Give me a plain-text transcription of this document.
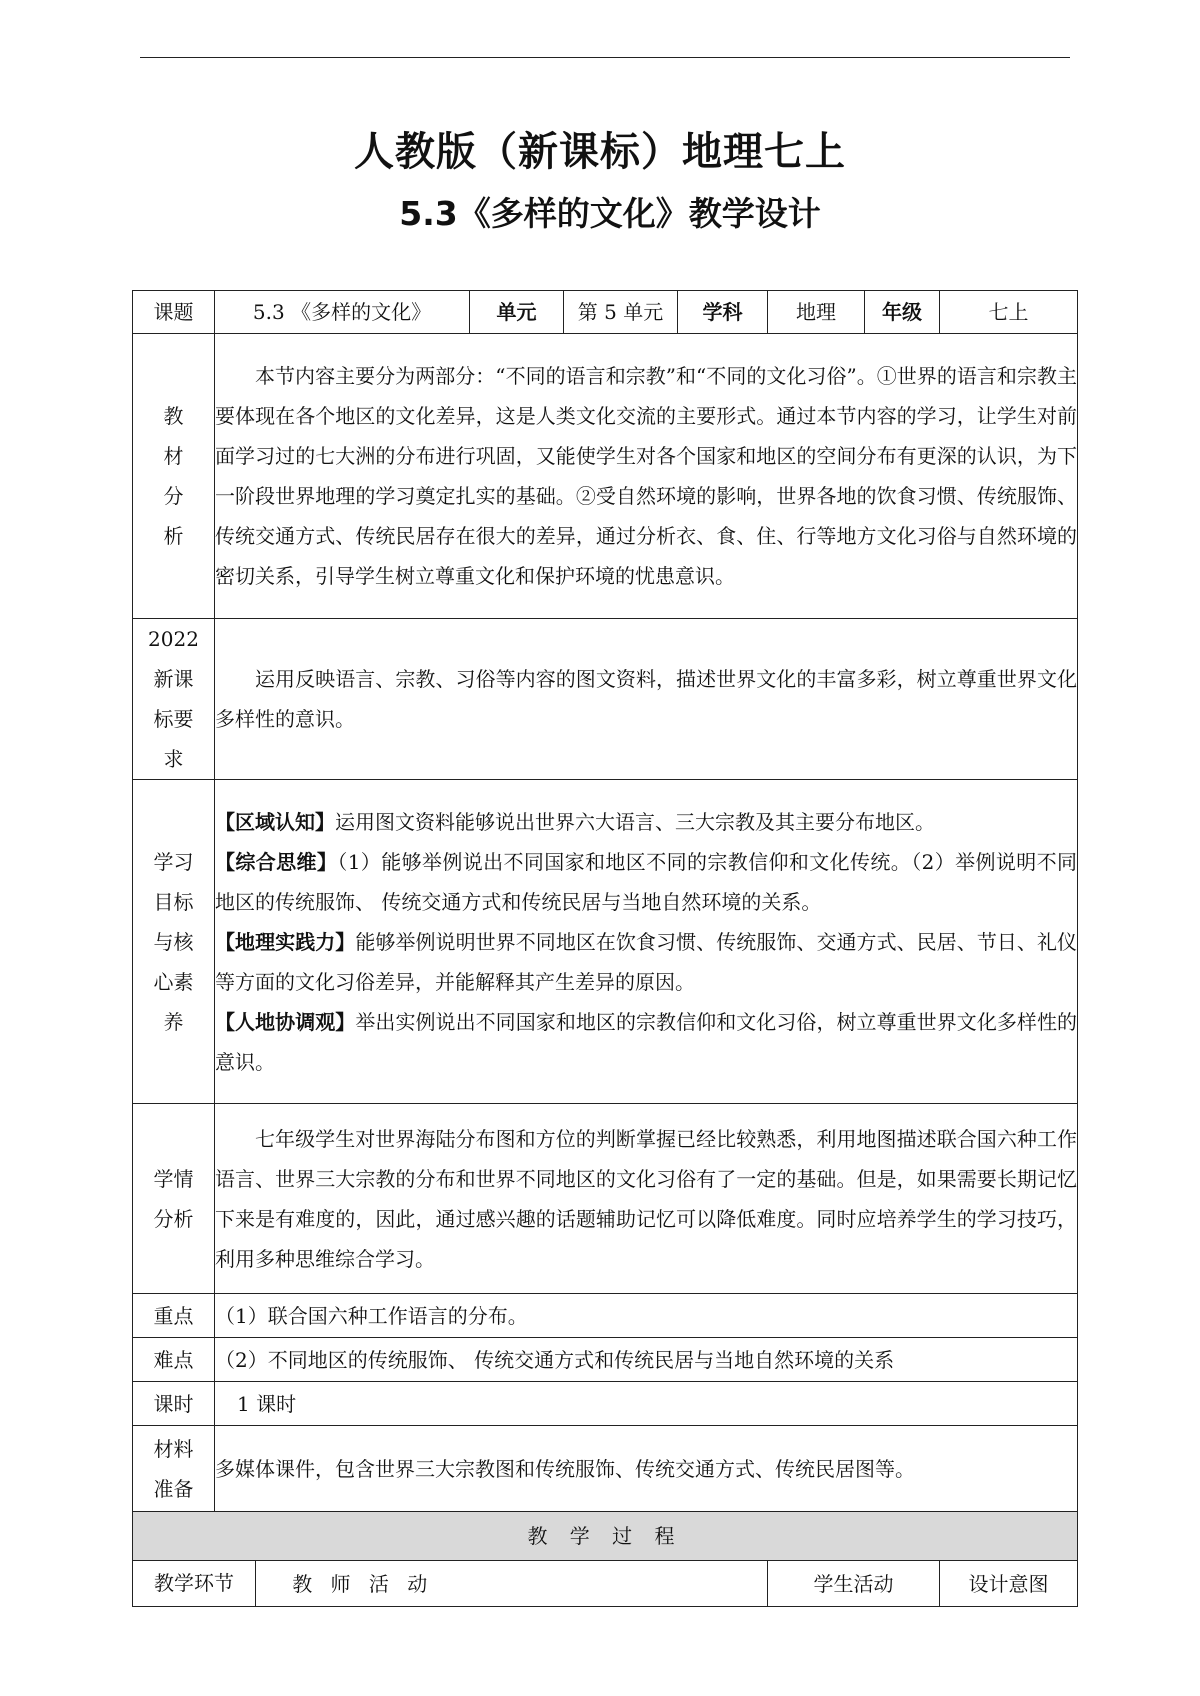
人教版（新课标）地理七上
5.3《多样的文化》教学设计
课题	5.3 《多样的文化》	单元	第 5 单元	学科	地理	年级	七上
教材分析	本节内容主要分为两部分：“不同的语言和宗教”和“不同的文化习俗”。①世界的语言和宗教主要体现在各个地区的文化差异，这是人类文化交流的主要形式。通过本节内容的学习，让学生对前面学习过的七大洲的分布进行巩固，又能使学生对各个国家和地区的空间分布有更深的认识，为下一阶段世界地理的学习奠定扎实的基础。②受自然环境的影响，世界各地的饮食习惯、传统服饰、传统交通方式、传统民居存在很大的差异，通过分析衣、食、住、行等地方文化习俗与自然环境的密切关系，引导学生树立尊重文化和保护环境的忧患意识。						
2022新课标要求	运用反映语言、宗教、习俗等内容的图文资料，描述世界文化的丰富多彩，树立尊重世界文化多样性的意识。						
学习目标与核心素养	【区域认知】运用图文资料能够说出世界六大语言、三大宗教及其主要分布地区。
【综合思维】（1）能够举例说出不同国家和地区不同的宗教信仰和文化传统。（2）举例说明不同地区的传统服饰、 传统交通方式和传统民居与当地自然环境的关系。
【地理实践力】能够举例说明世界不同地区在饮食习惯、传统服饰、交通方式、民居、节日、礼仪等方面的文化习俗差异，并能解释其产生差异的原因。
【人地协调观】举出实例说出不同国家和地区的宗教信仰和文化习俗，树立尊重世界文化多样性的意识。						

学情分析	七年级学生对世界海陆分布图和方位的判断掌握已经比较熟悉，利用地图描述联合国六种工作语言、世界三大宗教的分布和世界不同地区的文化习俗有了一定的基础。但是，如果需要长期记忆下来是有难度的，因此，通过感兴趣的话题辅助记忆可以降低难度。同时应培养学生的学习技巧，利用多种思维综合学习。						
重点	（1）联合国六种工作语言的分布。						
难点	（2）不同地区的传统服饰、 传统交通方式和传统民居与当地自然环境的关系						
课时	1 课时						
材料准备	多媒体课件，包含世界三大宗教图和传统服饰、传统交通方式、传统民居图等。						
教 学 过 程							

教学环节 教 师 活 动					学生活动		设计意图
